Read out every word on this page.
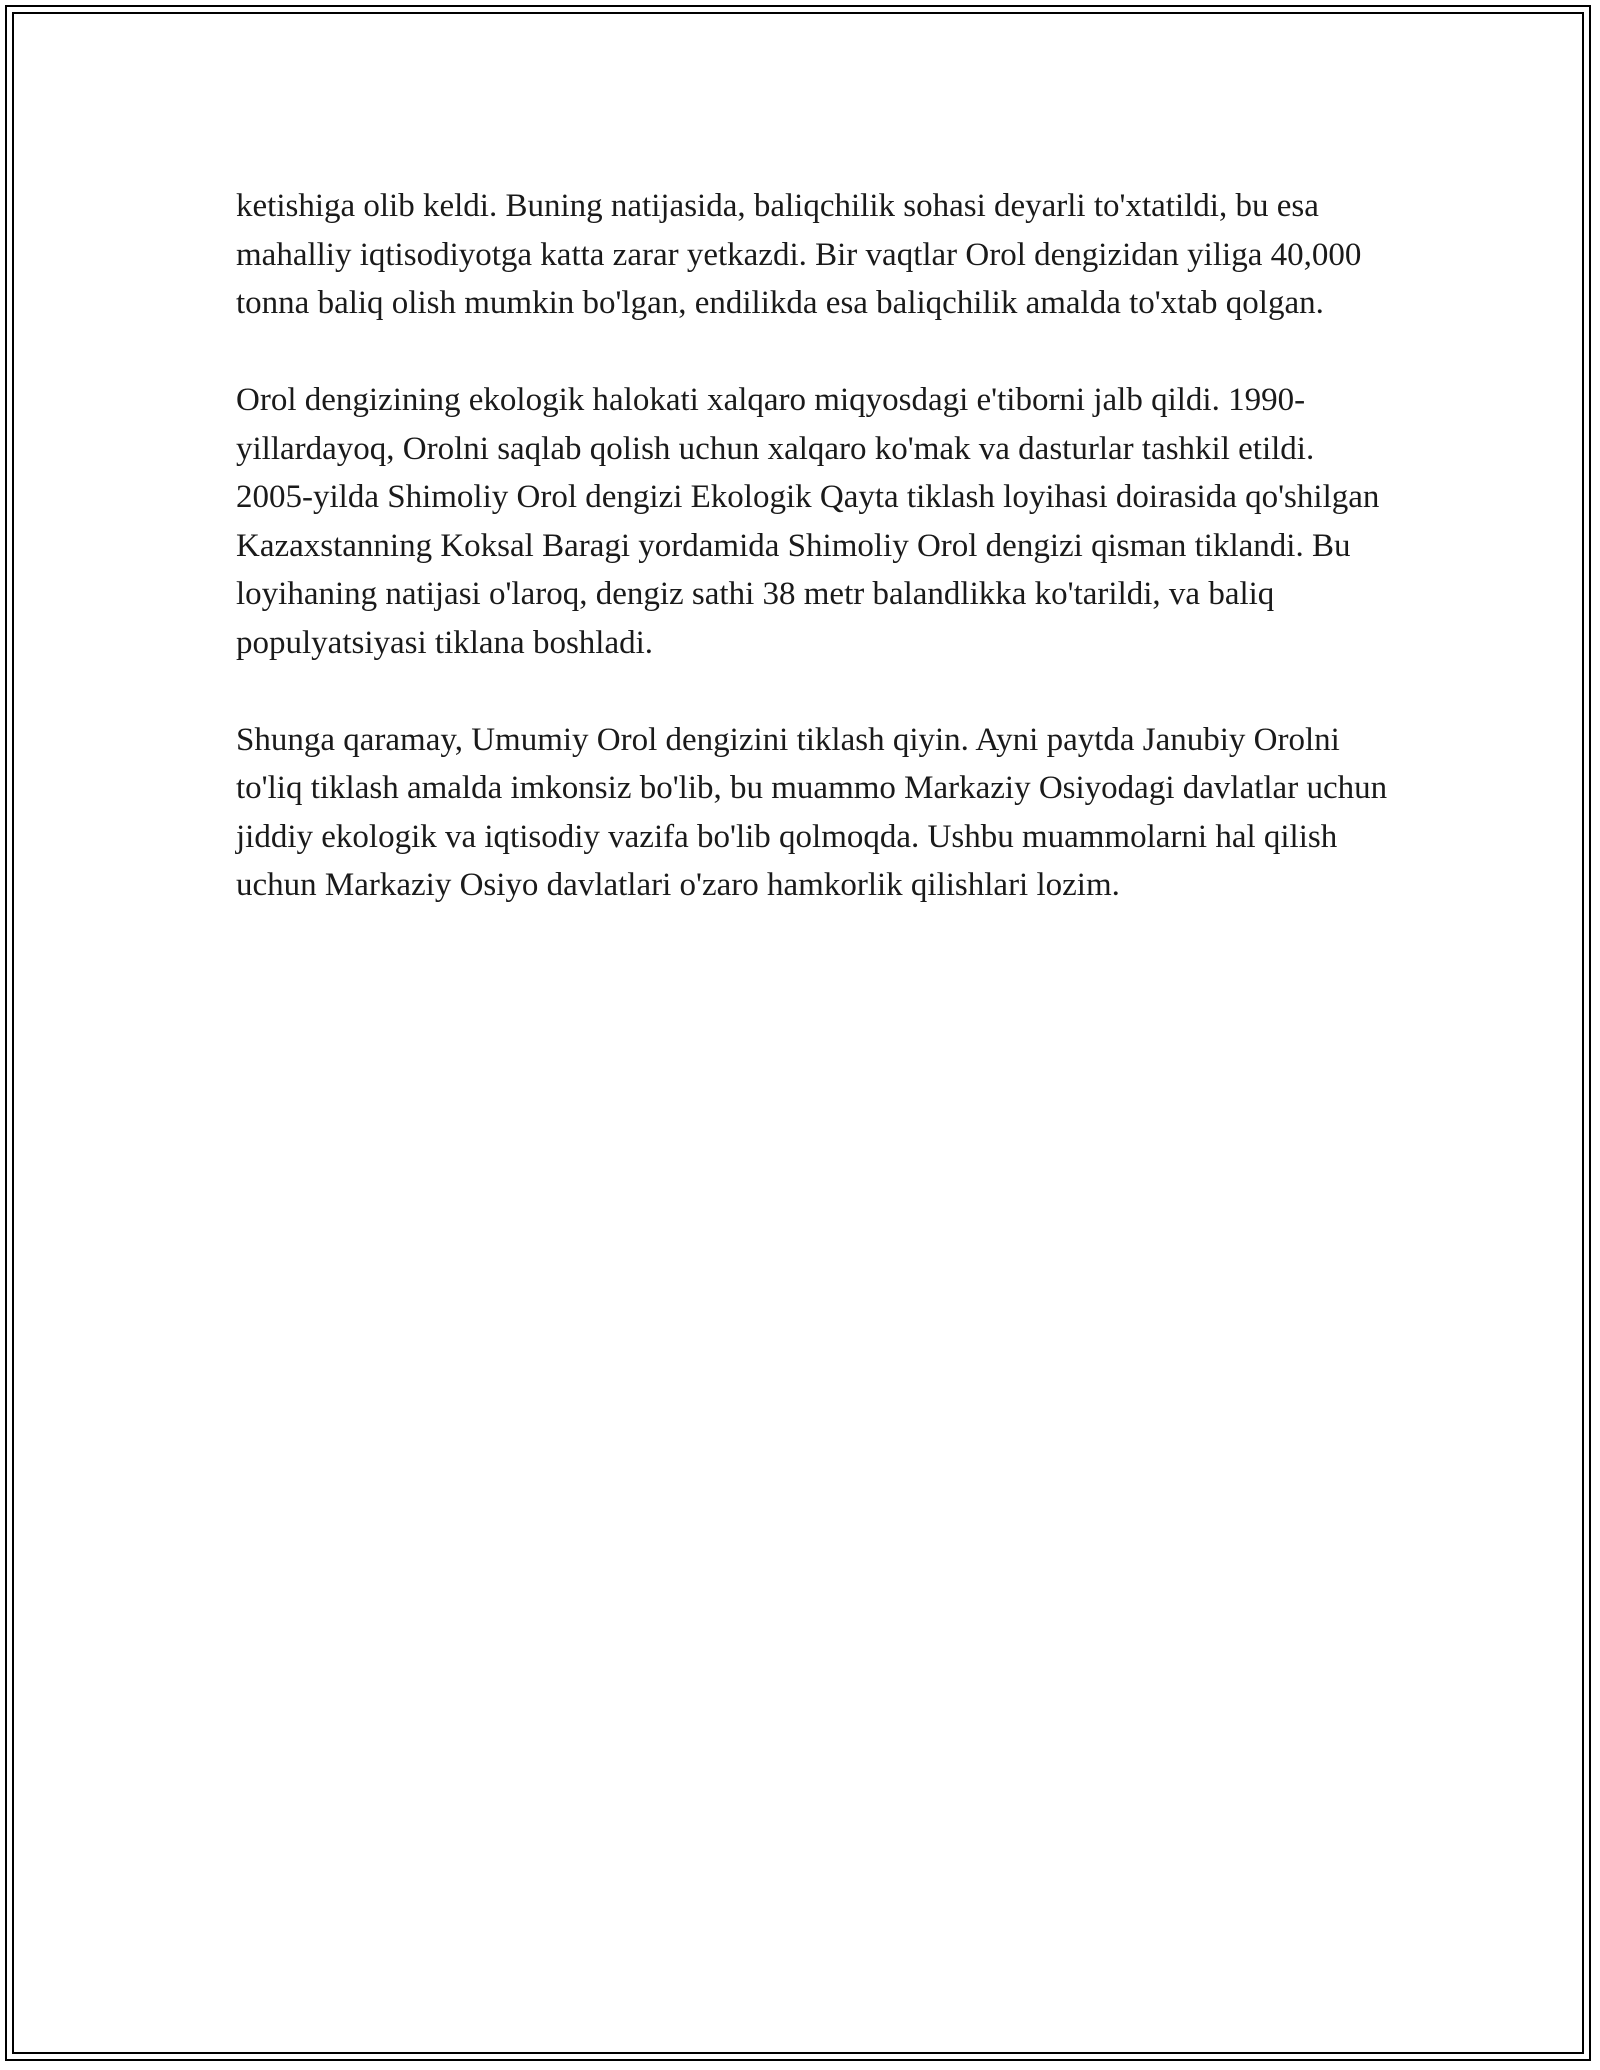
ketishiga olib keldi. Buning natijasida, baliqchilik sohasi deyarli to'xtatildi, bu esa mahalliy iqtisodiyotga katta zarar yetkazdi. Bir vaqtlar Orol dengizidan yiliga 40,000 tonna baliq olish mumkin bo'lgan, endilikda esa baliqchilik amalda to'xtab qolgan.

Orol dengizining ekologik halokati xalqaro miqyosdagi e'tiborni jalb qildi. 1990-yillardayoq, Orolni saqlab qolish uchun xalqaro ko'mak va dasturlar tashkil etildi. 2005-yilda Shimoliy Orol dengizi Ekologik Qayta tiklash loyihasi doirasida qo'shilgan Kazaxstanning Koksal Baragi yordamida Shimoliy Orol dengizi qisman tiklandi. Bu loyihaning natijasi o'laroq, dengiz sathi 38 metr balandlikka ko'tarildi, va baliq populyatsiyasi tiklana boshladi.

Shunga qaramay, Umumiy Orol dengizini tiklash qiyin. Ayni paytda Janubiy Orolni to'liq tiklash amalda imkonsiz bo'lib, bu muammo Markaziy Osiyodagi davlatlar uchun jiddiy ekologik va iqtisodiy vazifa bo'lib qolmoqda. Ushbu muammolarni hal qilish uchun Markaziy Osiyo davlatlari o'zaro hamkorlik qilishlari lozim.
